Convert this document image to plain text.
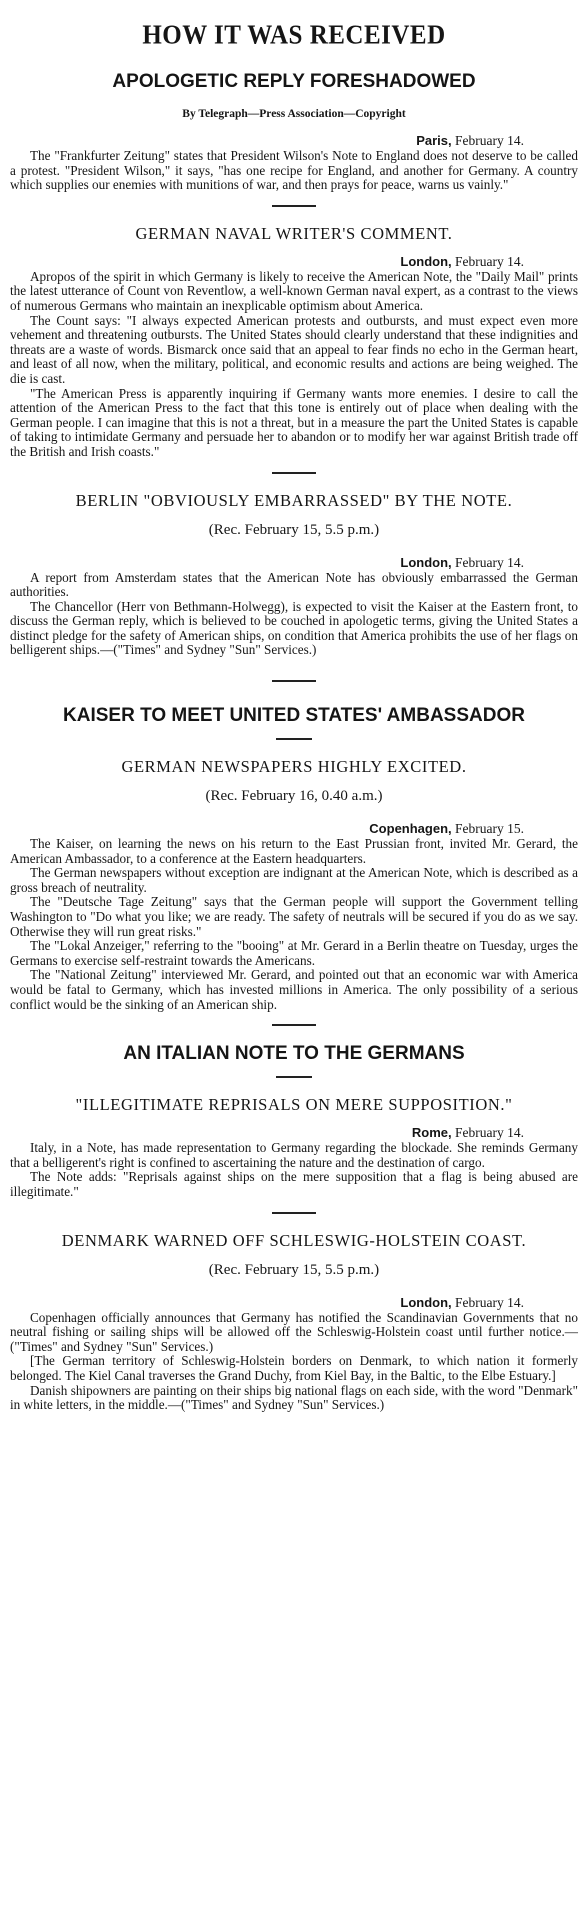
HOW IT WAS RECEIVED
APOLOGETIC REPLY FORESHADOWED
By Telegraph—Press Association—Copyright
Paris, February 14.

The "Frankfurter Zeitung" states that President Wilson's Note to England does not deserve to be called a protest. "President Wilson," it says, "has one recipe for England, and another for Germany. A country which supplies our enemies with munitions of war, and then prays for peace, warns us vainly."

GERMAN NAVAL WRITER'S COMMENT.
London, February 14.

Apropos of the spirit in which Germany is likely to receive the American Note, the "Daily Mail" prints the latest utterance of Count von Reventlow, a well-known German naval expert, as a contrast to the views of numerous Germans who maintain an inexplicable optimism about America.

The Count says: "I always expected American protests and outbursts, and must expect even more vehement and threatening outbursts. The United States should clearly understand that these indignities and threats are a waste of words. Bismarck once said that an appeal to fear finds no echo in the German heart, and least of all now, when the military, political, and economic results and actions are being weighed. The die is cast.

"The American Press is apparently inquiring if Germany wants more enemies. I desire to call the attention of the American Press to the fact that this tone is entirely out of place when dealing with the German people. I can imagine that this is not a threat, but in a measure the part the United States is capable of taking to intimidate Germany and persuade her to abandon or to modify her war against British trade off the British and Irish coasts."

BERLIN "OBVIOUSLY EMBARRASSED" BY THE NOTE.
(Rec. February 15, 5.5 p.m.)
London, February 14.

A report from Amsterdam states that the American Note has obviously embarrassed the German authorities.

The Chancellor (Herr von Bethmann-Holwegg), is expected to visit the Kaiser at the Eastern front, to discuss the German reply, which is believed to be couched in apologetic terms, giving the United States a distinct pledge for the safety of American ships, on condition that America prohibits the use of her flags on belligerent ships.—("Times" and Sydney "Sun" Services.)

KAISER TO MEET UNITED STATES' AMBASSADOR
GERMAN NEWSPAPERS HIGHLY EXCITED.
(Rec. February 16, 0.40 a.m.)
Copenhagen, February 15.

The Kaiser, on learning the news on his return to the East Prussian front, invited Mr. Gerard, the American Ambassador, to a conference at the Eastern headquarters.

The German newspapers without exception are indignant at the American Note, which is described as a gross breach of neutrality.

The "Deutsche Tage Zeitung" says that the German people will support the Government telling Washington to "Do what you like; we are ready. The safety of neutrals will be secured if you do as we say. Otherwise they will run great risks."

The "Lokal Anzeiger," referring to the "booing" at Mr. Gerard in a Berlin theatre on Tuesday, urges the Germans to exercise self-restraint towards the Americans.

The "National Zeitung" interviewed Mr. Gerard, and pointed out that an economic war with America would be fatal to Germany, which has invested millions in America. The only possibility of a serious conflict would be the sinking of an American ship.

AN ITALIAN NOTE TO THE GERMANS
"ILLEGITIMATE REPRISALS ON MERE SUPPOSITION."
Rome, February 14.

Italy, in a Note, has made representation to Germany regarding the blockade. She reminds Germany that a belligerent's right is confined to ascertaining the nature and the destination of cargo.

The Note adds: "Reprisals against ships on the mere supposition that a flag is being abused are illegitimate."

DENMARK WARNED OFF SCHLESWIG-HOLSTEIN COAST.
(Rec. February 15, 5.5 p.m.)
London, February 14.

Copenhagen officially announces that Germany has notified the Scandinavian Governments that no neutral fishing or sailing ships will be allowed off the Schleswig-Holstein coast until further notice.—("Times" and Sydney "Sun" Services.)

[The German territory of Schleswig-Holstein borders on Denmark, to which nation it formerly belonged. The Kiel Canal traverses the Grand Duchy, from Kiel Bay, in the Baltic, to the Elbe Estuary.]

Danish shipowners are painting on their ships big national flags on each side, with the word "Denmark" in white letters, in the middle.—("Times" and Sydney "Sun" Services.)
